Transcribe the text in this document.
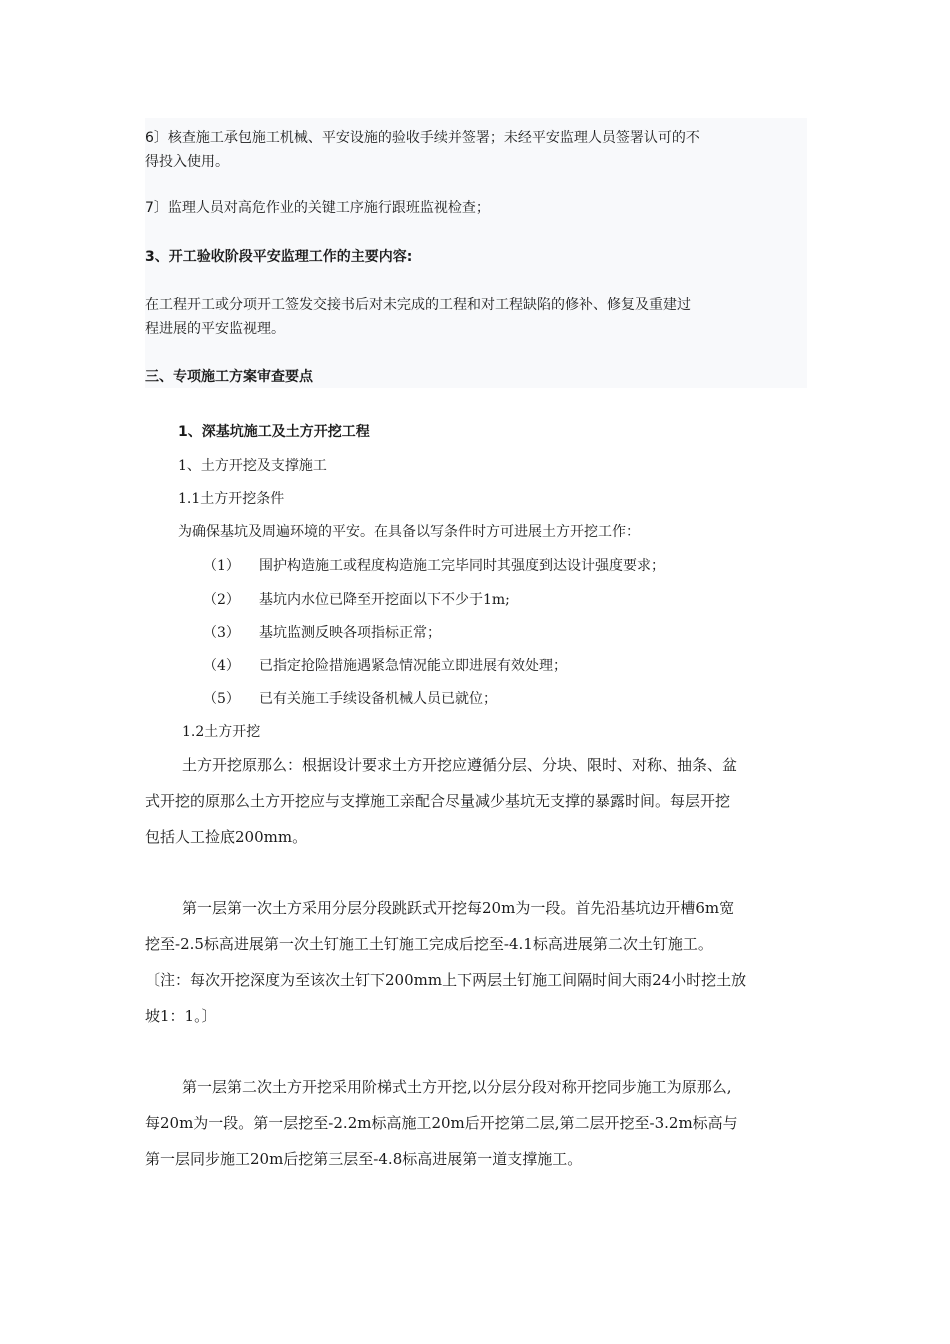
6〕核查施工承包施工机械、平安设施的验收手续并签署；未经平安监理人员签署认可的不
得投入使用。
7〕监理人员对高危作业的关键工序施行跟班监视检查；
3、开工验收阶段平安监理工作的主要内容:
在工程开工或分项开工签发交接书后对未完成的工程和对工程缺陷的修补、修复及重建过
程进展的平安监视理。
三、专项施工方案审查要点
1、深基坑施工及土方开挖工程
1、土方开挖及支撑施工
1.1土方开挖条件
为确保基坑及周遍环境的平安。在具备以写条件时方可进展土方开挖工作：
（1） 围护构造施工或程度构造施工完毕同时其强度到达设计强度要求；
（2） 基坑内水位已降至开挖面以下不少于1m;
（3） 基坑监测反映各项指标正常；
（4） 已指定抢险措施遇紧急情况能立即进展有效处理；
（5） 已有关施工手续设备机械人员已就位；
1.2土方开挖
土方开挖原那么：根据设计要求土方开挖应遵循分层、分块、限时、对称、抽条、盆
式开挖的原那么土方开挖应与支撑施工亲配合尽量减少基坑无支撑的暴露时间。每层开挖
包括人工捡底200mm。
第一层第一次土方采用分层分段跳跃式开挖每20m为一段。首先沿基坑边开槽6m宽
挖至-2.5标高进展第一次土钉施工土钉施工完成后挖至-4.1标高进展第二次土钉施工。
〔注：每次开挖深度为至该次土钉下200mm上下两层土钉施工间隔时间大雨24小时挖土放
坡1：1。〕
第一层第二次土方开挖采用阶梯式土方开挖,以分层分段对称开挖同步施工为原那么,
每20m为一段。第一层挖至-2.2m标高施工20m后开挖第二层,第二层开挖至-3.2m标高与
第一层同步施工20m后挖第三层至-4.8标高进展第一道支撑施工。
